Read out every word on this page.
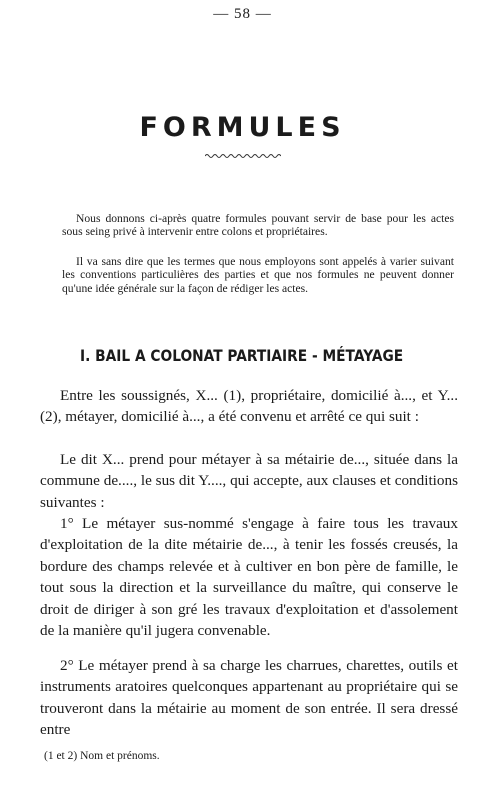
— 58 —
FORMULES

Nous donnons ci-après quatre formules pouvant servir de base pour les actes sous seing privé à intervenir entre colons et propriétaires.

Il va sans dire que les termes que nous employons sont appelés à varier suivant les conventions particulières des parties et que nos formules ne peuvent donner qu'une idée générale sur la façon de rédiger les actes.

I. BAIL A COLONAT PARTIAIRE - MÉTAYAGE

Entre les soussignés, X... (1), propriétaire, domicilié à..., et Y... (2), métayer, domicilié à..., a été convenu et arrêté ce qui suit :

Le dit X... prend pour métayer à sa métairie de..., située dans la commune de...., le sus dit Y...., qui accepte, aux clauses et conditions suivantes :

1° Le métayer sus-nommé s'engage à faire tous les travaux d'exploitation de la dite métairie de..., à tenir les fossés creusés, la bordure des champs relevée et à cultiver en bon père de famille, le tout sous la direction et la surveillance du maître, qui conserve le droit de diriger à son gré les travaux d'exploitation et d'assolement de la manière qu'il jugera convenable.

2° Le métayer prend à sa charge les charrues, charettes, outils et instruments aratoires quelconques appartenant au propriétaire qui se trouveront dans la métairie au moment de son entrée. Il sera dressé entre

(1 et 2) Nom et prénoms.
